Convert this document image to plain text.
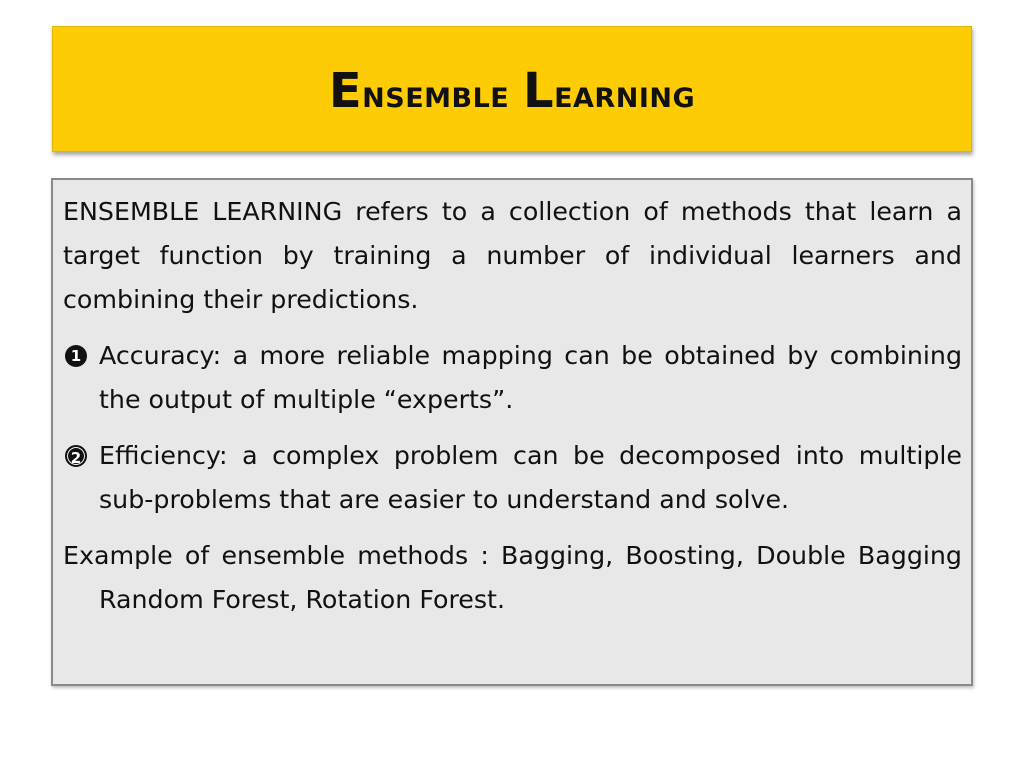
Ensemble Learning

ENSEMBLE LEARNING refers to a collection of methods that learn a target function by training a number of individual learners and combining their predictions.

1 Accuracy: a more reliable mapping can be obtained by combining the output of multiple “experts”.
2 Efficiency: a complex problem can be decomposed into multiple sub-problems that are easier to understand and solve.

Example of ensemble methods : Bagging, Boosting, Double Bagging Random Forest, Rotation Forest.
